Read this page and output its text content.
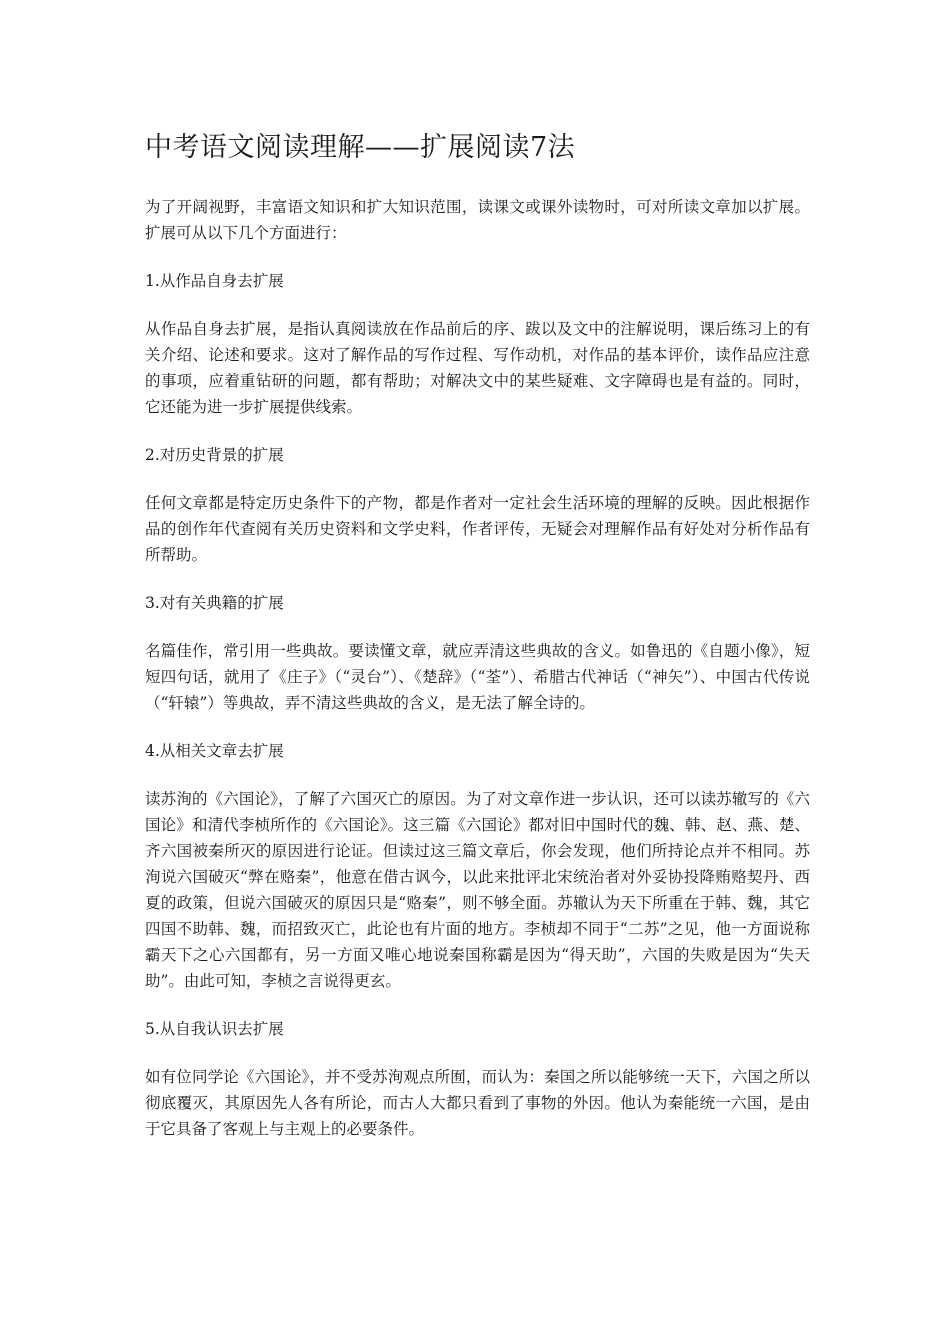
中考语文阅读理解——扩展阅读7法

为了开阔视野，丰富语文知识和扩大知识范围，读课文或课外读物时，可对所读文章加以扩展。扩展可从以下几个方面进行：

1.从作品自身去扩展

从作品自身去扩展，是指认真阅读放在作品前后的序、跋以及文中的注解说明，课后练习上的有关介绍、论述和要求。这对了解作品的写作过程、写作动机，对作品的基本评价，读作品应注意的事项，应着重钻研的问题，都有帮助；对解决文中的某些疑难、文字障碍也是有益的。同时，它还能为进一步扩展提供线索。

2.对历史背景的扩展

任何文章都是特定历史条件下的产物，都是作者对一定社会生活环境的理解的反映。因此根据作品的创作年代查阅有关历史资料和文学史料，作者评传，无疑会对理解作品有好处对分析作品有所帮助。

3.对有关典籍的扩展

名篇佳作，常引用一些典故。要读懂文章，就应弄清这些典故的含义。如鲁迅的《自题小像》，短短四句话，就用了《庄子》（“灵台”）、《楚辞》（“荃”）、希腊古代神话（“神矢”）、中国古代传说（“轩辕”）等典故，弄不清这些典故的含义，是无法了解全诗的。

4.从相关文章去扩展

读苏洵的《六国论》，了解了六国灭亡的原因。为了对文章作进一步认识，还可以读苏辙写的《六国论》和清代李桢所作的《六国论》。这三篇《六国论》都对旧中国时代的魏、韩、赵、燕、楚、齐六国被秦所灭的原因进行论证。但读过这三篇文章后，你会发现，他们所持论点并不相同。苏洵说六国破灭“弊在赂秦”，他意在借古讽今，以此来批评北宋统治者对外妥协投降贿赂契丹、西夏的政策，但说六国破灭的原因只是“赂秦”，则不够全面。苏辙认为天下所重在于韩、魏，其它四国不助韩、魏，而招致灭亡，此论也有片面的地方。李桢却不同于“二苏”之见，他一方面说称霸天下之心六国都有，另一方面又唯心地说秦国称霸是因为“得天助”，六国的失败是因为“失天助”。由此可知，李桢之言说得更玄。

5.从自我认识去扩展

如有位同学论《六国论》，并不受苏洵观点所囿，而认为：秦国之所以能够统一天下，六国之所以彻底覆灭，其原因先人各有所论，而古人大都只看到了事物的外因。他认为秦能统一六国，是由于它具备了客观上与主观上的必要条件。
